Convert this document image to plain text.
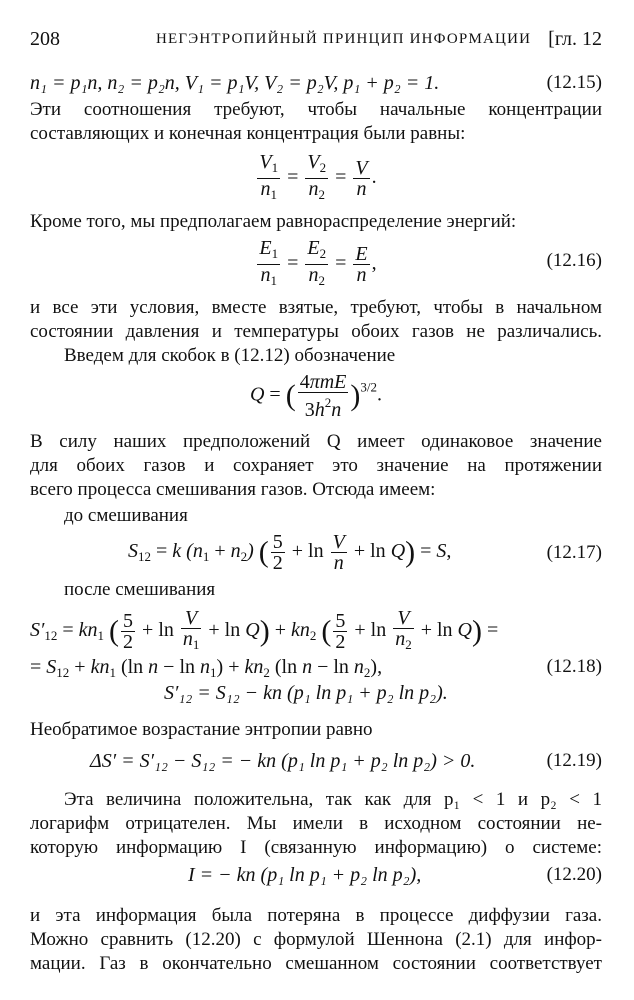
208	НЕГЭНТРОПИЙНЫЙ ПРИНЦИП ИНФОРМАЦИИ [гл. 12
n₁ = p₁n, n₂ = p₂n, V₁ = p₁V, V₂ = p₂V, p₁ + p₂ = 1.	(12.15)
Эти соотношения требуют, чтобы начальные концентрации
составляющих и конечная концентрация были равны:
$\frac{V_1}{n_1} = \frac{V_2}{n_2} = \frac{V}{n}$ .
Кроме того, мы предполагаем равнораспределение энергий:
$\frac{E_1}{n_1} = \frac{E_2}{n_2} = \frac{E}{n}$ ,	(12.16)
и все эти условия, вместе взятые, требуют, чтобы в начальном
состоянии давления и температуры обоих газов не различались.
Введем для скобок в (12.12) обозначение
Q = ( $\frac{\text{4πmE}}{3h^2n} )^{3/2}$.
В силу наших предположений Q имеет одинаковое значение
для обоих газов и сохраняет это значение на протяжении
всего процесса смешивания газов. Отсюда имеем:
до смешивания
$S_{12} = k$ $(n_1 + n_2)$ ( $\frac{5}{2} + \ln \frac{V}{n} + \ln Q) = S$,	(12.17)
после смешивания
$S'_{12} = kn_1$ ( $\frac{5}{2} + \ln \frac{V}{n_1} + \ln Q) + kn_2$ ( $\frac{5}{2} + \ln \frac{V}{n_2} + \ln Q$) =
= $S_{12} + kn_1$ (ln $n - \ln n_1) + kn_2$ (ln $n - \ln n_2$),	(12.18)
S′₁₂ = S₁₂ − kn (p₁ ln p₁ + p₂ ln p₂).
Необратимое возрастание энтропии равно
ΔS′ = S′₁₂ − S₁₂ = − kn (p₁ ln p₁ + p₂ ln p₂) > 0.	(12.19)
Эта величина положительна, так как для p₁ < 1 и p₂ < 1
логарифм отрицателен. Мы имели в исходном состоянии не-
которую информацию I (связанную информацию) о системе:
I = − kn (p₁ ln p₁ + p₂ ln p₂),	(12.20)
и эта информация была потеряна в процессе диффузии газа.
Можно сравнить (12.20) с формулой Шеннона (2.1) для инфор-
мации. Газ в окончательно смешанном состоянии соответствует
